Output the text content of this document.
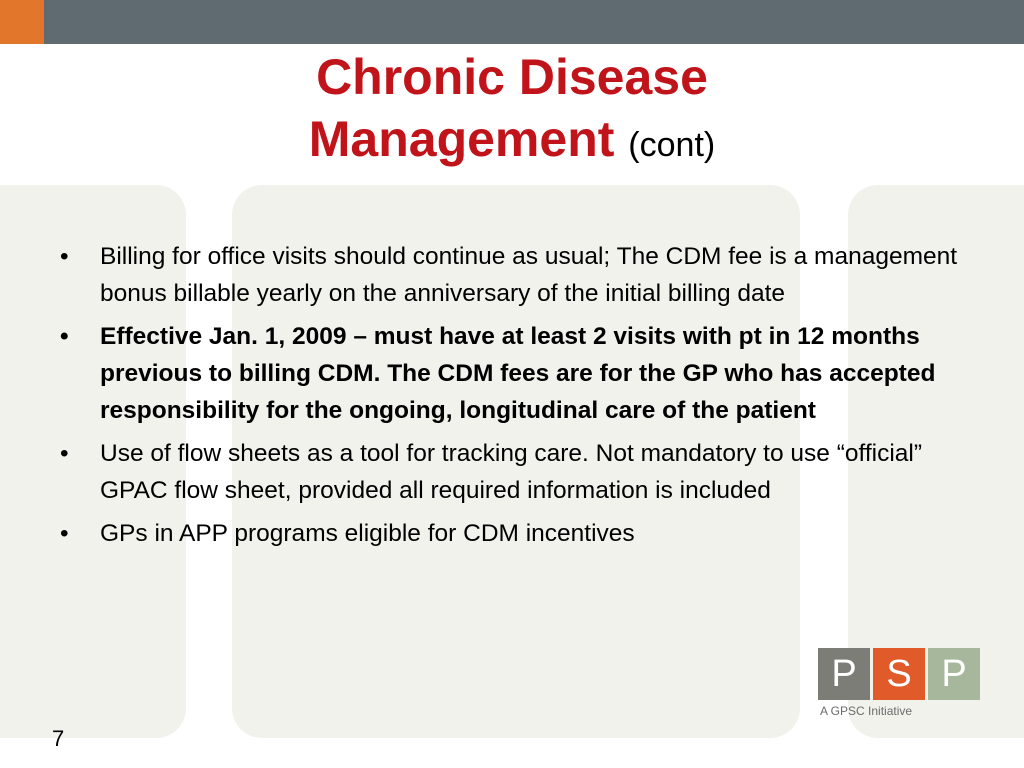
Chronic Disease
Management (cont)
• Billing for office visits should continue as usual; The CDM fee is a management bonus billable yearly on the anniversary of the initial billing date
• Effective Jan. 1, 2009 – must have at least 2 visits with pt in 12 months previous to billing CDM. The CDM fees are for the GP who has accepted responsibility for the ongoing, longitudinal care of the patient
• Use of flow sheets as a tool for tracking care. Not mandatory to use “official” GPAC flow sheet, provided all required information is included
• GPs in APP programs eligible for CDM incentives
P S P
A GPSC Initiative
7
